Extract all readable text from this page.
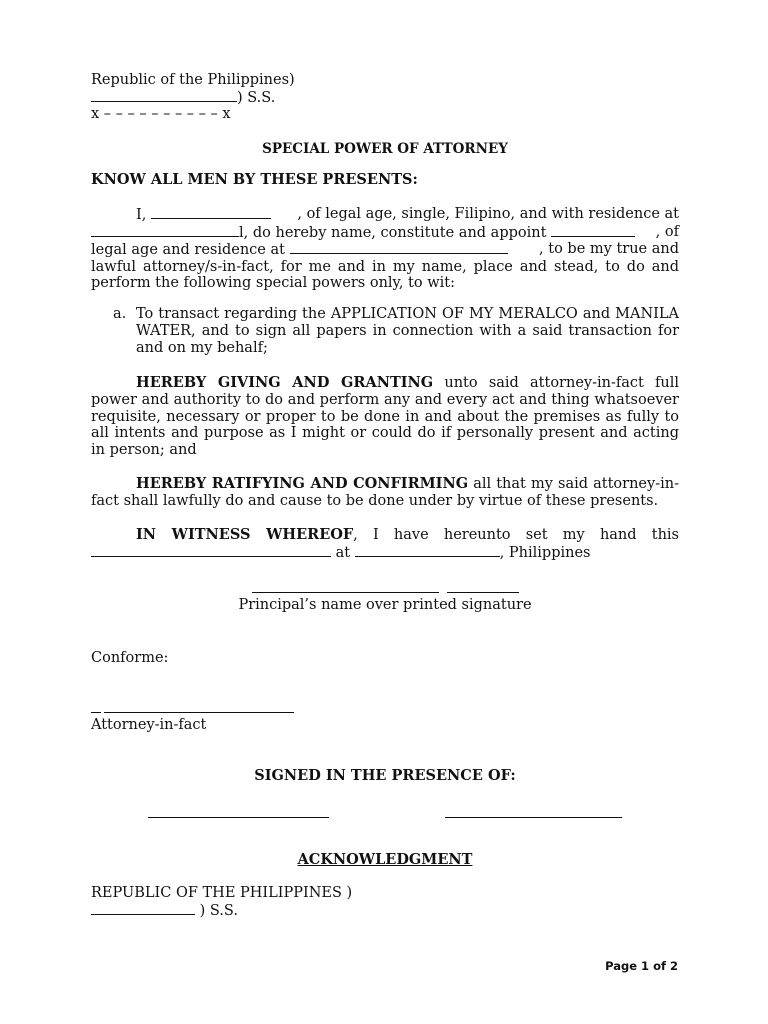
Republic of the Philippines)
) S.S.
x – – – – – – – – – – x
SPECIAL POWER OF ATTORNEY
KNOW ALL MEN BY THESE PRESENTS:
I,	, of legal age, single, Filipino, and with residence at
l, do hereby name, constitute and appoint	, of
legal age and residence at	, to be my true and
lawful attorney/s-in-fact, for me and in my name, place and stead, to do and perform the following special powers only, to wit:
a. To transact regarding the APPLICATION OF MY MERALCO and MANILA WATER, and to sign all papers in connection with a said transaction for and on my behalf;
HEREBY GIVING AND GRANTING unto said attorney-in-fact full power and authority to do and perform any and every act and thing whatsoever requisite, necessary or proper to be done in and about the premises as fully to all intents and purpose as I might or could do if personally present and acting in person; and
HEREBY RATIFYING AND CONFIRMING all that my said attorney-in-fact shall lawfully do and cause to be done under by virtue of these presents.
IN WITNESS WHEREOF, I have hereunto set my hand this
at	, Philippines

Principal’s name over printed signature
Conforme:
Attorney-in-fact
SIGNED IN THE PRESENCE OF:
ACKNOWLEDGMENT
REPUBLIC OF THE PHILIPPINES )
) S.S.
Page 1 of 2
